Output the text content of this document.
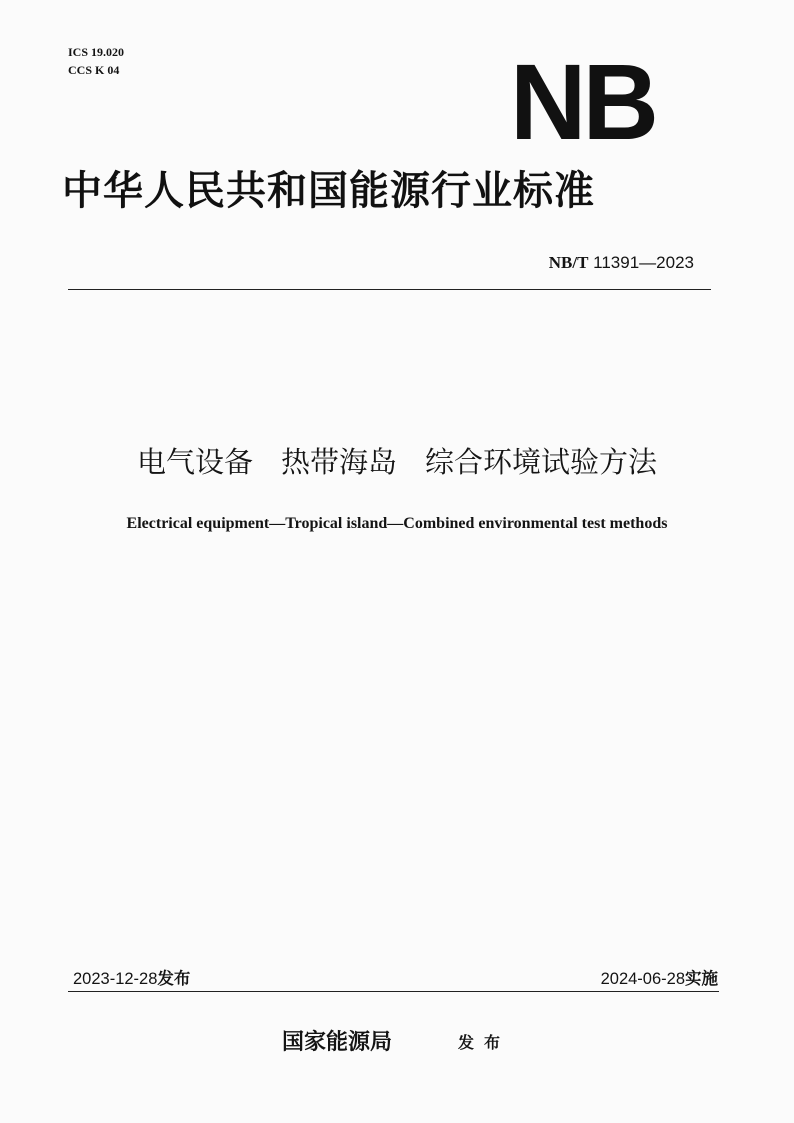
ICS 19.020
CCS K 04	NB
中华人民共和国能源行业标准
NB/T 11391—2023
电气设备 热带海岛 综合环境试验方法
Electrical equipment—Tropical island—Combined environmental test methods
2023-12-28发布	2024-06-28实施
国家能源局	发布
